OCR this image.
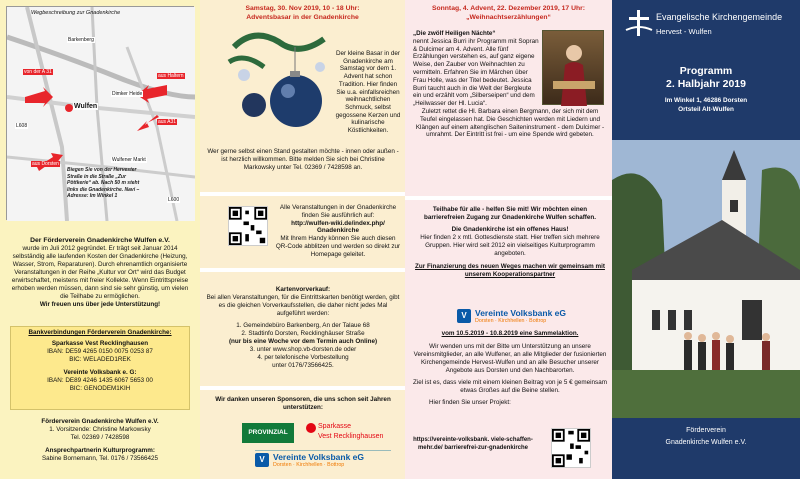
Wegbeschreibung zur Gnadenkirche
von der A 31
aus Haltern
Wulfen
Barkenberg
aus A31
aus Dorsten
L608
L600
Dimker Heide
Wulfener Markt
Biegen Sie von der Hervester Straße in die Straße „Zur Pöttkerie“ ab. Nach 50 m steht links die Gnadenkirche. Navi – Adresse: Im Winkel 1
Der Förderverein Gnadenkirche Wulfen e.V.
wurde im Juli 2012 gegründet. Er trägt seit Januar 2014 selbständig alle laufenden Kosten der Gnadenkirche (Heizung, Wasser, Strom, Reparaturen). Durch ehrenamtlich organisierte Veranstaltungen in der Reihe „Kultur vor Ort“ wird das Budget erwirtschaftet, meistens mit freier Kollekte. Wenn Eintrittspreise erhoben werden müssen, dann sind sie sehr günstig, um vielen die Teilhabe zu ermöglichen.
Wir freuen uns über jede Unterstützung!
Bankverbindungen Förderverein Gnadenkirche:
Sparkasse Vest Recklinghausen
IBAN: DE59 4265 0150 0075 0253 87
BIC: WELADED1REK
Vereinte Volksbank e. G:
IBAN: DE89 4246 1435 6067 5653 00
BIC: GENODEM1KIH
Förderverein Gnadenkirche Wulfen e.V.
1. Vorsitzende: Christine Markowsky
Tel. 02369 / 7428598
Ansprechpartnerin Kulturprogramm:
Sabine Bornemann, Tel. 0176 / 73566425
Samstag, 30. Nov 2019, 10 - 18 Uhr:
Adventsbasar in der Gnadenkirche
Der kleine Basar in der Gnadenkirche am Samstag vor dem 1. Advent hat schon Tradition. Hier finden Sie u.a. einfallsreichen weihnachtlichen Schmuck, selbst gegossene Kerzen und kulinarische Köstlichkeiten.
Wer gerne selbst einen Stand gestalten möchte - innen oder außen - ist herzlich willkommen. Bitte melden Sie sich bei Christine Markowsky unter Tel. 02369 / 7428598 an.
Alle Veranstaltungen in der Gnadenkirche finden Sie ausführlich auf:
http://wulfen-wiki.de/index.php/ Gnadenkirche
Mit Ihrem Handy können Sie auch diesen QR-Code abblitzen und werden so direkt zur Homepage geleitet.
Kartenvorverkauf:
Bei allen Veranstaltungen, für die Eintrittskarten benötigt werden, gibt es die gleichen Vorverkaufsstellen, die daher nicht jedes Mal aufgeführt werden:
1. Gemeindebüro Barkenberg, An der Talaue 68
2. Stadtinfo Dorsten, Recklinghäuser Straße
(nur bis eine Woche vor dem Termin auch Online)
3. unter www.shop.vb-dorsten.de oder
4. per telefonische Vorbestellung
unter 0176/73566425.
Wir danken unseren Sponsoren, die uns schon seit Jahren unterstützen:
PROVINZIAL
Sparkasse
Vest Recklinghausen
V Vereinte Volksbank eG
Dorsten · Kirchhellen · Bottrop
Sonntag, 4. Advent, 22. Dezember 2019, 17 Uhr:
„Weihnachtserzählungen“
„Die zwölf Heiligen Nächte“
nennt Jessica Burri ihr Programm mit Sopran & Dulcimer am 4. Advent. Alle fünf Erzählungen verstehen es, auf ganz eigene Weise, den Zauber von Weihnachten zu vermitteln. Erfahren Sie im Märchen über Frau Holle, was der Titel bedeutet. Jessica Burri taucht auch in die Welt der Bergleute ein und erzählt vom „Silberseipen“ und dem „Heilwasser der Hl. Lucia“.
Zuletzt rettet die Hl. Barbara einen Bergmann, der sich mit dem Teufel eingelassen hat. Die Geschichten werden mit Liedern und Klängen auf einem altenglischen Saiteninstrument - dem Dulcimer - umrahmt. Der Eintritt ist frei - um eine Spende wird gebeten.
Teilhabe für alle - helfen Sie mit! Wir möchten einen barrierefreien Zugang zur Gnadenkirche Wulfen schaffen.
Die Gnadenkirche ist ein offenes Haus!
Hier finden 2 x mtl. Gottesdienste statt. Hier treffen sich mehrere Gruppen. Hier wird seit 2012 ein vielseitiges Kulturprogramm angeboten.
Zur Finanzierung des neuen Weges machen wir gemeinsam mit unserem Kooperationspartner
V Vereinte Volksbank eG
Dorsten · Kirchhellen · Bottrop
vom 10.5.2019 - 10.8.2019 eine Sammelaktion.
Wir wenden uns mit der Bitte um Unterstützung an unsere Vereinsmitglieder, an alle Wulfener, an alle Mitglieder der fusionierten Kirchengemeinde Hervest-Wulfen und an alle Besucher unserer Angebote aus Dorsten und den Nachbarorten.
Ziel ist es, dass viele mit einem kleinen Beitrag von je 5 € gemeinsam etwas Großes auf die Beine stellen.
Hier finden Sie unser Projekt:
https://vereinte-volksbank. viele-schaffen-mehr.de/ barrierefrei-zur-gnadenkirche
Evangelische Kirchengemeinde
Hervest - Wulfen
Programm
2. Halbjahr 2019
Im Winkel 1, 46286 Dorsten
Ortsteil Alt-Wulfen
Förderverein
Gnadenkirche Wulfen e.V.
